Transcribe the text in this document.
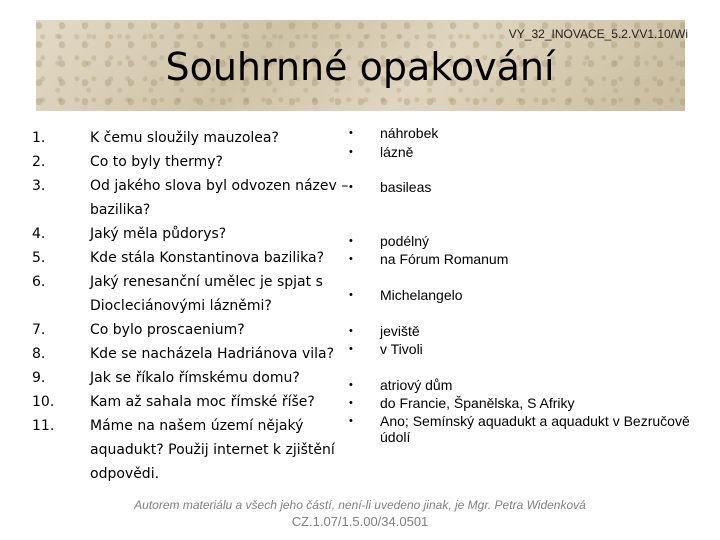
VY_32_INOVACE_5.2.VV1.10/Wi
Souhrnné opakování
1.	K čemu sloužily mauzolea?
2.	Co to byly thermy?
3.	Od jakého slova byl odvozen název – bazilika?
4.	Jaký měla půdorys?
5.	Kde stála Konstantinova bazilika?
6.	Jaký renesanční umělec je spjat s Diocleciánovými lázněmi?
7.	Co bylo proscaenium?
8.	Kde se nacházela Hadriánova vila?
9.	Jak se říkalo římskému domu?
10.	Kam až sahala moc římské říše?
11.	Máme na našem území nějaký aquadukt? Použij internet k zjištění odpovědi.
•	náhrobek
•	lázně
•	basileas
•	podélný
•	na Fórum Romanum
•	Michelangelo
•	jeviště
•	v Tivoli
•	atriový dům
•	do Francie, Španělska, S Afriky
•	Ano; Semínský aquadukt a aquadukt v Bezručově údolí
Autorem materiálu a všech jeho částí, není-li uvedeno jinak, je Mgr. Petra Widenková
CZ.1.07/1.5.00/34.0501
